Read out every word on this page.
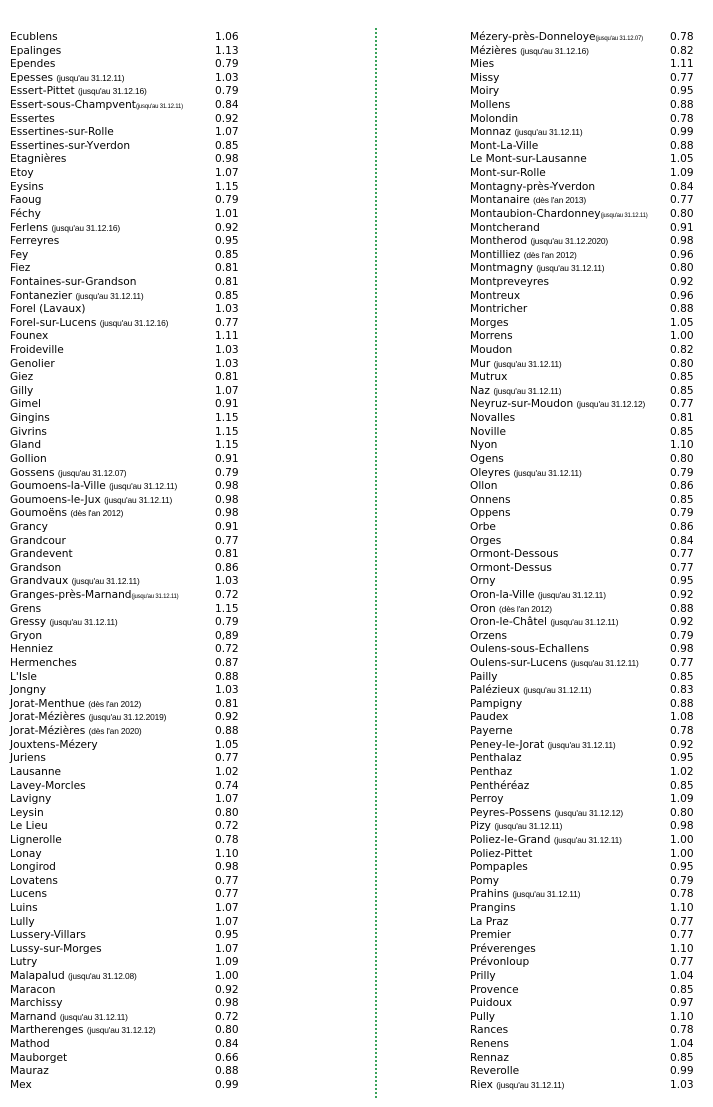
Ecublens	1.06
Epalinges	1.13
Ependes	0.79
Epesses (jusqu'au 31.12.11)	1.03
Essert-Pittet (jusqu'au 31.12.16)	0.79
Essert-sous-Champvent(jusqu'au 31.12.11)	0.84
Essertes	0.92
Essertines-sur-Rolle	1.07
Essertines-sur-Yverdon	0.85
Etagnières	0.98
Etoy	1.07
Eysins	1.15
Faoug	0.79
Féchy	1.01
Ferlens (jusqu'au 31.12.16)	0.92
Ferreyres	0.95
Fey	0.85
Fiez	0.81
Fontaines-sur-Grandson	0.81
Fontanezier (jusqu'au 31.12.11)	0.85
Forel (Lavaux)	1.03
Forel-sur-Lucens (jusqu'au 31.12.16)	0.77
Founex	1.11
Froideville	1.03
Genolier	1.03
Giez	0.81
Gilly	1.07
Gimel	0.91
Gingins	1.15
Givrins	1.15
Gland	1.15
Gollion	0.91
Gossens (jusqu'au 31.12.07)	0.79
Goumoens-la-Ville (jusqu'au 31.12.11)	0.98
Goumoens-le-Jux (jusqu'au 31.12.11)	0.98
Goumoëns (dès l'an 2012)	0.98
Grancy	0.91
Grandcour	0.77
Grandevent	0.81
Grandson	0.86
Grandvaux (jusqu'au 31.12.11)	1.03
Granges-près-Marnand(jusqu'au 31.12.11)	0.72
Grens	1.15
Gressy (jusqu'au 31.12.11)	0.79
Gryon	0,89
Henniez	0.72
Hermenches	0.87
L'Isle	0.88
Jongny	1.03
Jorat-Menthue (dès l'an 2012)	0.81
Jorat-Mézières (jusqu'au 31.12.2019)	0.92
Jorat-Mézières (dès l'an 2020)	0.88
Jouxtens-Mézery	1.05
Juriens	0.77
Lausanne	1.02
Lavey-Morcles	0.74
Lavigny	1.07
Leysin	0.80
Le Lieu	0.72
Lignerolle	0.78
Lonay	1.10
Longirod	0.98
Lovatens	0.77
Lucens	0.77
Luins	1.07
Lully	1.07
Lussery-Villars	0.95
Lussy-sur-Morges	1.07
Lutry	1.09
Malapalud (jusqu'au 31.12.08)	1.00
Maracon	0.92
Marchissy	0.98
Marnand (jusqu'au 31.12.11)	0.72
Martherenges (jusqu'au 31.12.12)	0.80
Mathod	0.84
Mauborget	0.66
Mauraz	0.88
Mex	0.99
Mézery-près-Donneloye(jusqu'au 31.12.07)	0.78
Mézières (jusqu'au 31.12.16)	0.82
Mies	1.11
Missy	0.77
Moiry	0.95
Mollens	0.88
Molondin	0.78
Monnaz (jusqu'au 31.12.11)	0.99
Mont-La-Ville	0.88
Le Mont-sur-Lausanne	1.05
Mont-sur-Rolle	1.09
Montagny-près-Yverdon	0.84
Montanaire (dès l'an 2013)	0.77
Montaubion-Chardonney(jusqu'au 31.12.11) 0.80
Montcherand	0.91
Montherod (jusqu'au 31.12.2020)	0.98
Montilliez (dès l'an 2012)	0.96
Montmagny (jusqu'au 31.12.11)	0.80
Montpreveyres	0.92
Montreux	0.96
Montricher	0.88
Morges	1.05
Morrens	1.00
Moudon	0.82
Mur (jusqu'au 31.12.11)	0.80
Mutrux	0.85
Naz (jusqu'au 31.12.11)	0.85
Neyruz-sur-Moudon (jusqu'au 31.12.12) 0.77
Novalles	0.81
Noville	0.85
Nyon	1.10
Ogens	0.80
Oleyres (jusqu'au 31.12.11)	0.79
Ollon	0.86
Onnens	0.85
Oppens	0.79
Orbe	0.86
Orges	0.84
Ormont-Dessous	0.77
Ormont-Dessus	0.77
Orny	0.95
Oron-la-Ville (jusqu'au 31.12.11)	0.92
Oron (dès l'an 2012)	0.88
Oron-le-Châtel (jusqu'au 31.12.11)	0.92
Orzens	0.79
Oulens-sous-Echallens	0.98
Oulens-sur-Lucens (jusqu'au 31.12.11)	0.77
Pailly	0.85
Palézieux (jusqu'au 31.12.11)	0.83
Pampigny	0.88
Paudex	1.08
Payerne	0.78
Peney-le-Jorat (jusqu'au 31.12.11)	0.92
Penthalaz	0.95
Penthaz	1.02
Penthéréaz	0.85
Perroy	1.09
Peyres-Possens (jusqu'au 31.12.12)	0.80
Pizy (jusqu'au 31.12.11)	0.98
Poliez-le-Grand (jusqu'au 31.12.11)	1.00
Poliez-Pittet	1.00
Pompaples	0.95
Pomy	0.79
Prahins (jusqu'au 31.12.11)	0.78
Prangins	1.10
La Praz	0.77
Premier	0.77
Préverenges	1.10
Prévonloup	0.77
Prilly	1.04
Provence	0.85
Puidoux	0.97
Pully	1.10
Rances	0.78
Renens	1.04
Rennaz	0.85
Reverolle	0.99
Riex (jusqu'au 31.12.11)	1.03
